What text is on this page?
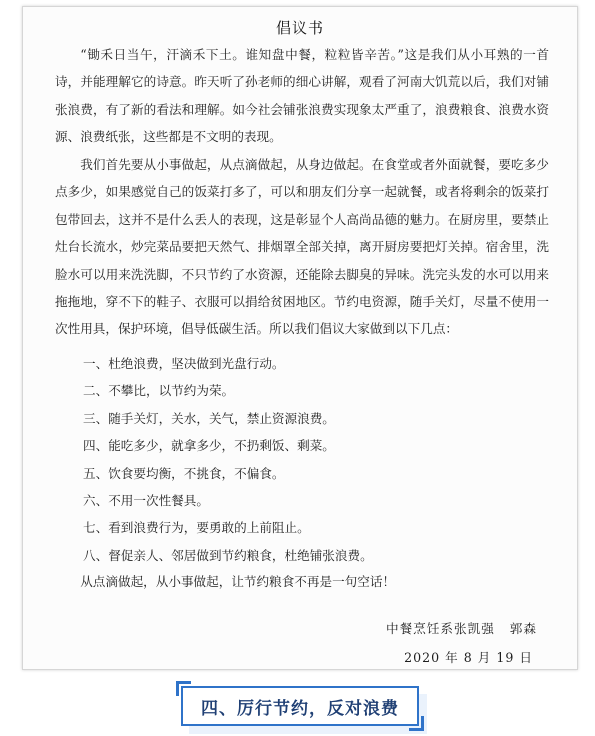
倡议书

“锄禾日当午，汗滴禾下土。谁知盘中餐，粒粒皆辛苦。”这是我们从小耳熟的一首诗，并能理解它的诗意。昨天听了孙老师的细心讲解，观看了河南大饥荒以后，我们对铺张浪费，有了新的看法和理解。如今社会铺张浪费实现象太严重了，浪费粮食、浪费水资源、浪费纸张，这些都是不文明的表现。

我们首先要从小事做起，从点滴做起，从身边做起。在食堂或者外面就餐，要吃多少点多少，如果感觉自己的饭菜打多了，可以和朋友们分享一起就餐，或者将剩余的饭菜打包带回去，这并不是什么丢人的表现，这是彰显个人高尚品德的魅力。在厨房里，要禁止灶台长流水，炒完菜品要把天然气、排烟罩全部关掉，离开厨房要把灯关掉。宿舍里，洗脸水可以用来洗洗脚，不只节约了水资源，还能除去脚臭的异味。洗完头发的水可以用来拖拖地，穿不下的鞋子、衣服可以捐给贫困地区。节约电资源，随手关灯，尽量不使用一次性用具，保护环境，倡导低碳生活。所以我们倡议大家做到以下几点：

一、杜绝浪费，坚决做到光盘行动。
二、不攀比，以节约为荣。
三、随手关灯，关水，关气，禁止资源浪费。
四、能吃多少，就拿多少，不扔剩饭、剩菜。
五、饮食要均衡，不挑食，不偏食。
六、不用一次性餐具。
七、看到浪费行为，要勇敢的上前阻止。
八、督促亲人、邻居做到节约粮食，杜绝铺张浪费。
从点滴做起，从小事做起，让节约粮食不再是一句空话！
中餐烹饪系张凯强   郭森
2020 年 8 月 19 日
四、厉行节约，反对浪费
